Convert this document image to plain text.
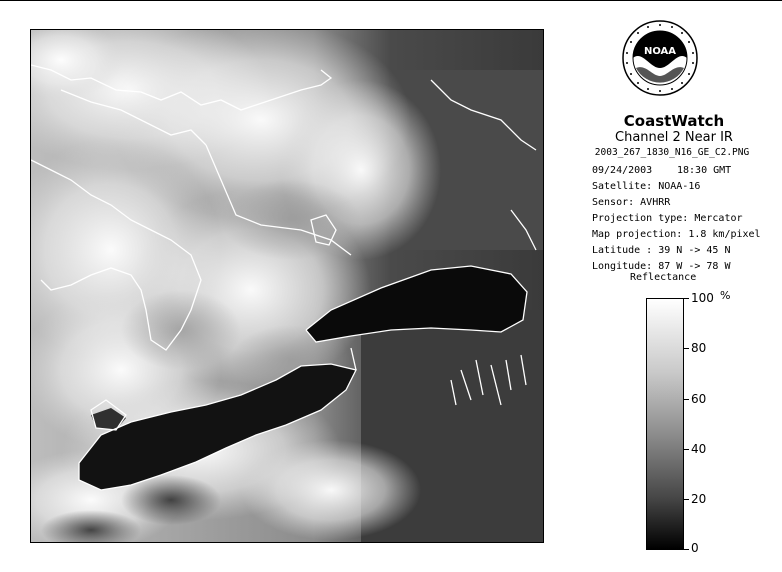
NOAA
CoastWatch
Channel 2 Near IR
2003_267_1830_N16_GE_C2.PNG
09/24/2003 18:30 GMT
Satellite: NOAA-16
Sensor: AVHRR
Projection type: Mercator
Map projection: 1.8 km/pixel
Latitude : 39 N -> 45 N
Longitude: 87 W -> 78 W
Reflectance
%
100
80
60
40
20
0
